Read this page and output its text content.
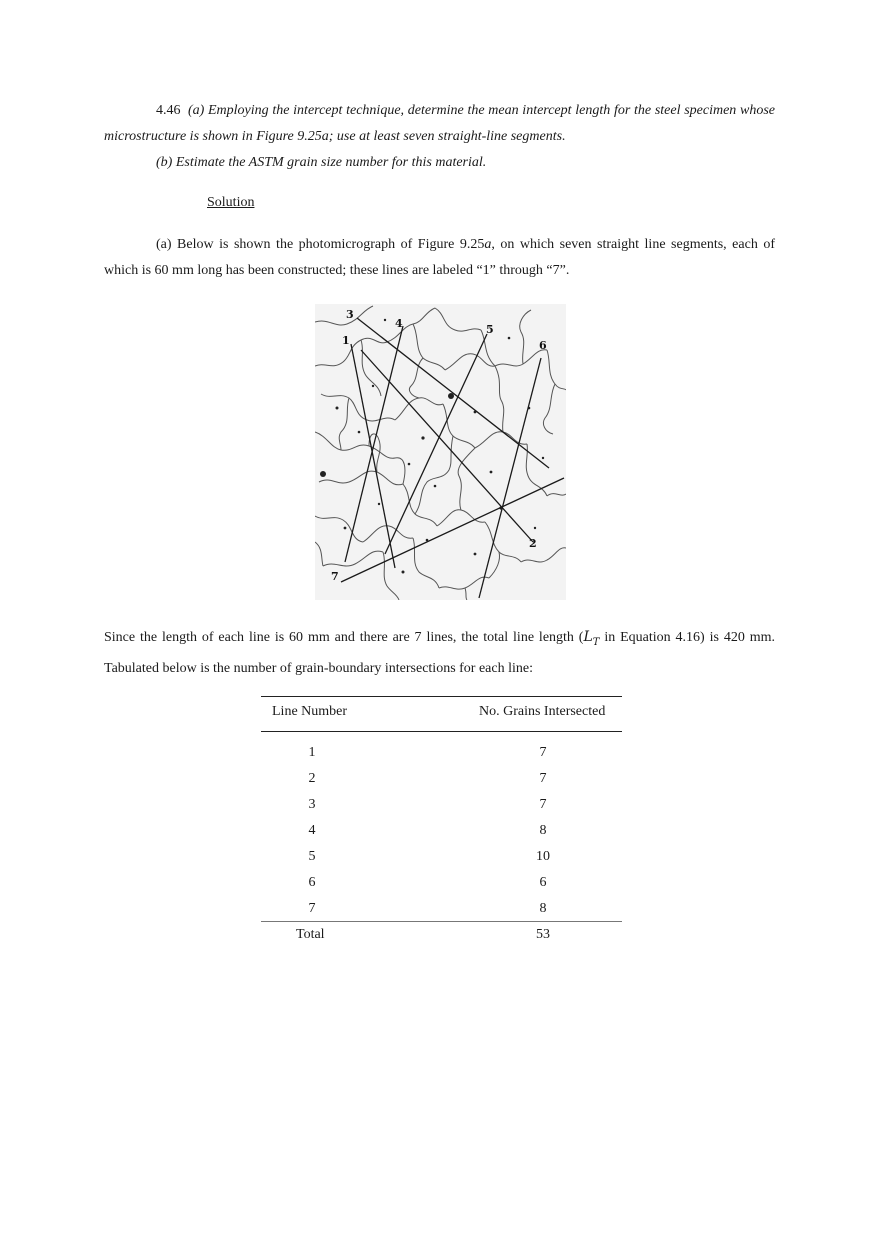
4.46 (a) Employing the intercept technique, determine the mean intercept length for the steel specimen whose microstructure is shown in Figure 9.25a; use at least seven straight-line segments.
(b) Estimate the ASTM grain size number for this material.
Solution
(a) Below is shown the photomicrograph of Figure 9.25a, on which seven straight line segments, each of which is 60 mm long has been constructed; these lines are labeled “1” through “7”.
1
2
3
4	5
6
7
Since the length of each line is 60 mm and there are 7 lines, the total line length ($L_T$ in Equation 4.16) is 420 mm. Tabulated below is the number of grain-boundary intersections for each line:
Line Number	No. Grains Intersected
1	7
2	7
3	7
4	8
5	10
6	6
7	8
Total	53
